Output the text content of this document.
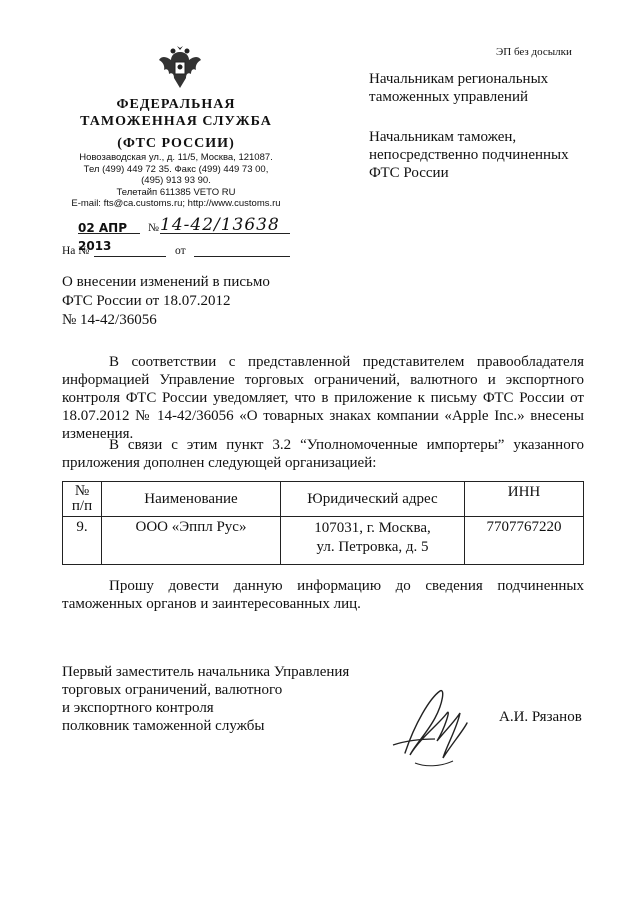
ЭП без досылки
ФЕДЕРАЛЬНАЯ
ТАМОЖЕННАЯ СЛУЖБА
(ФТС РОССИИ)
Новозаводская ул., д. 11/5, Москва, 121087.
Тел (499) 449 72 35. Факс (499) 449 73 00,
(495) 913 93 90.
Телетайп 611385 VETO RU
E-mail: fts@ca.customs.ru; http://www.customs.ru
Начальникам региональных
таможенных управлений
Начальникам таможен,
непосредственно подчиненных
ФТС России
02 АПР 2013
№ 14-42/13638
На №	от
О внесении изменений в письмо
ФТС России от 18.07.2012
№ 14-42/36056
В соответствии с представленной представителем правообладателя информацией Управление торговых ограничений, валютного и экспортного контроля ФТС России уведомляет, что в приложение к письму ФТС России от 18.07.2012 № 14-42/36056 «О товарных знаках компании «Apple Inc.» внесены изменения.
В связи с этим пункт 3.2 “Уполномоченные импортеры” указанного приложения дополнен следующей организацией:
№
п/п	Наименование	Юридический адрес	ИНН
9.	ООО «Эппл Рус»	107031, г. Москва,
ул. Петровка, д. 5	7707767220
Прошу довести данную информацию до сведения подчиненных таможенных органов и заинтересованных лиц.
Первый заместитель начальника Управления
торговых ограничений, валютного
и экспортного контроля
полковник таможенной службы
А.И. Рязанов
